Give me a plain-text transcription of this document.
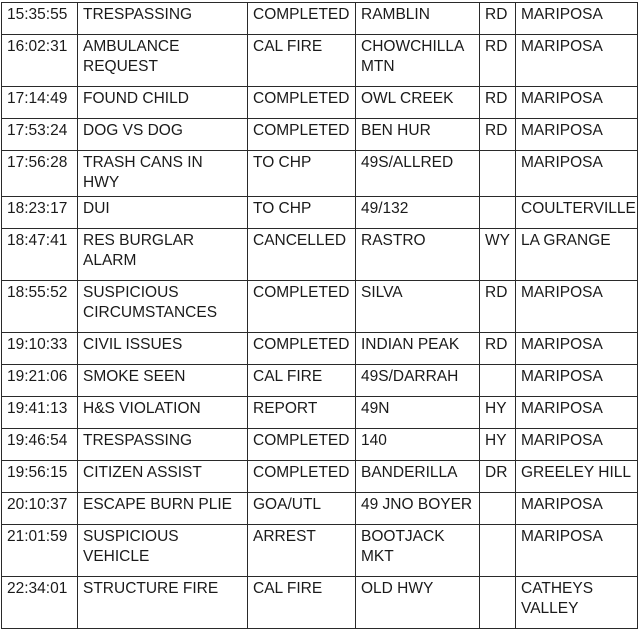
15:35:55	TRESPASSING	COMPLETED	RAMBLIN	RD	MARIPOSA
16:02:31	AMBULANCE REQUEST	CAL FIRE	CHOWCHILLA MTN	RD	MARIPOSA
17:14:49	FOUND CHILD	COMPLETED	OWL CREEK	RD	MARIPOSA
17:53:24	DOG VS DOG	COMPLETED	BEN HUR	RD	MARIPOSA
17:56:28	TRASH CANS IN HWY	TO CHP	49S/ALLRED		MARIPOSA
18:23:17	DUI	TO CHP	49/132		COULTERVILLE
18:47:41	RES BURGLAR ALARM	CANCELLED	RASTRO	WY	LA GRANGE
18:55:52	SUSPICIOUS CIRCUMSTANCES	COMPLETED	SILVA	RD	MARIPOSA
19:10:33	CIVIL ISSUES	COMPLETED	INDIAN PEAK	RD	MARIPOSA
19:21:06	SMOKE SEEN	CAL FIRE	49S/DARRAH		MARIPOSA
19:41:13	H&S VIOLATION	REPORT	49N	HY	MARIPOSA
19:46:54	TRESPASSING	COMPLETED	140	HY	MARIPOSA
19:56:15	CITIZEN ASSIST	COMPLETED	BANDERILLA	DR	GREELEY HILL
20:10:37	ESCAPE BURN PLIE	GOA/UTL	49 JNO BOYER		MARIPOSA
21:01:59	SUSPICIOUS VEHICLE	ARREST	BOOTJACK MKT		MARIPOSA
22:34:01	STRUCTURE FIRE	CAL FIRE	OLD HWY		CATHEYS VALLEY
